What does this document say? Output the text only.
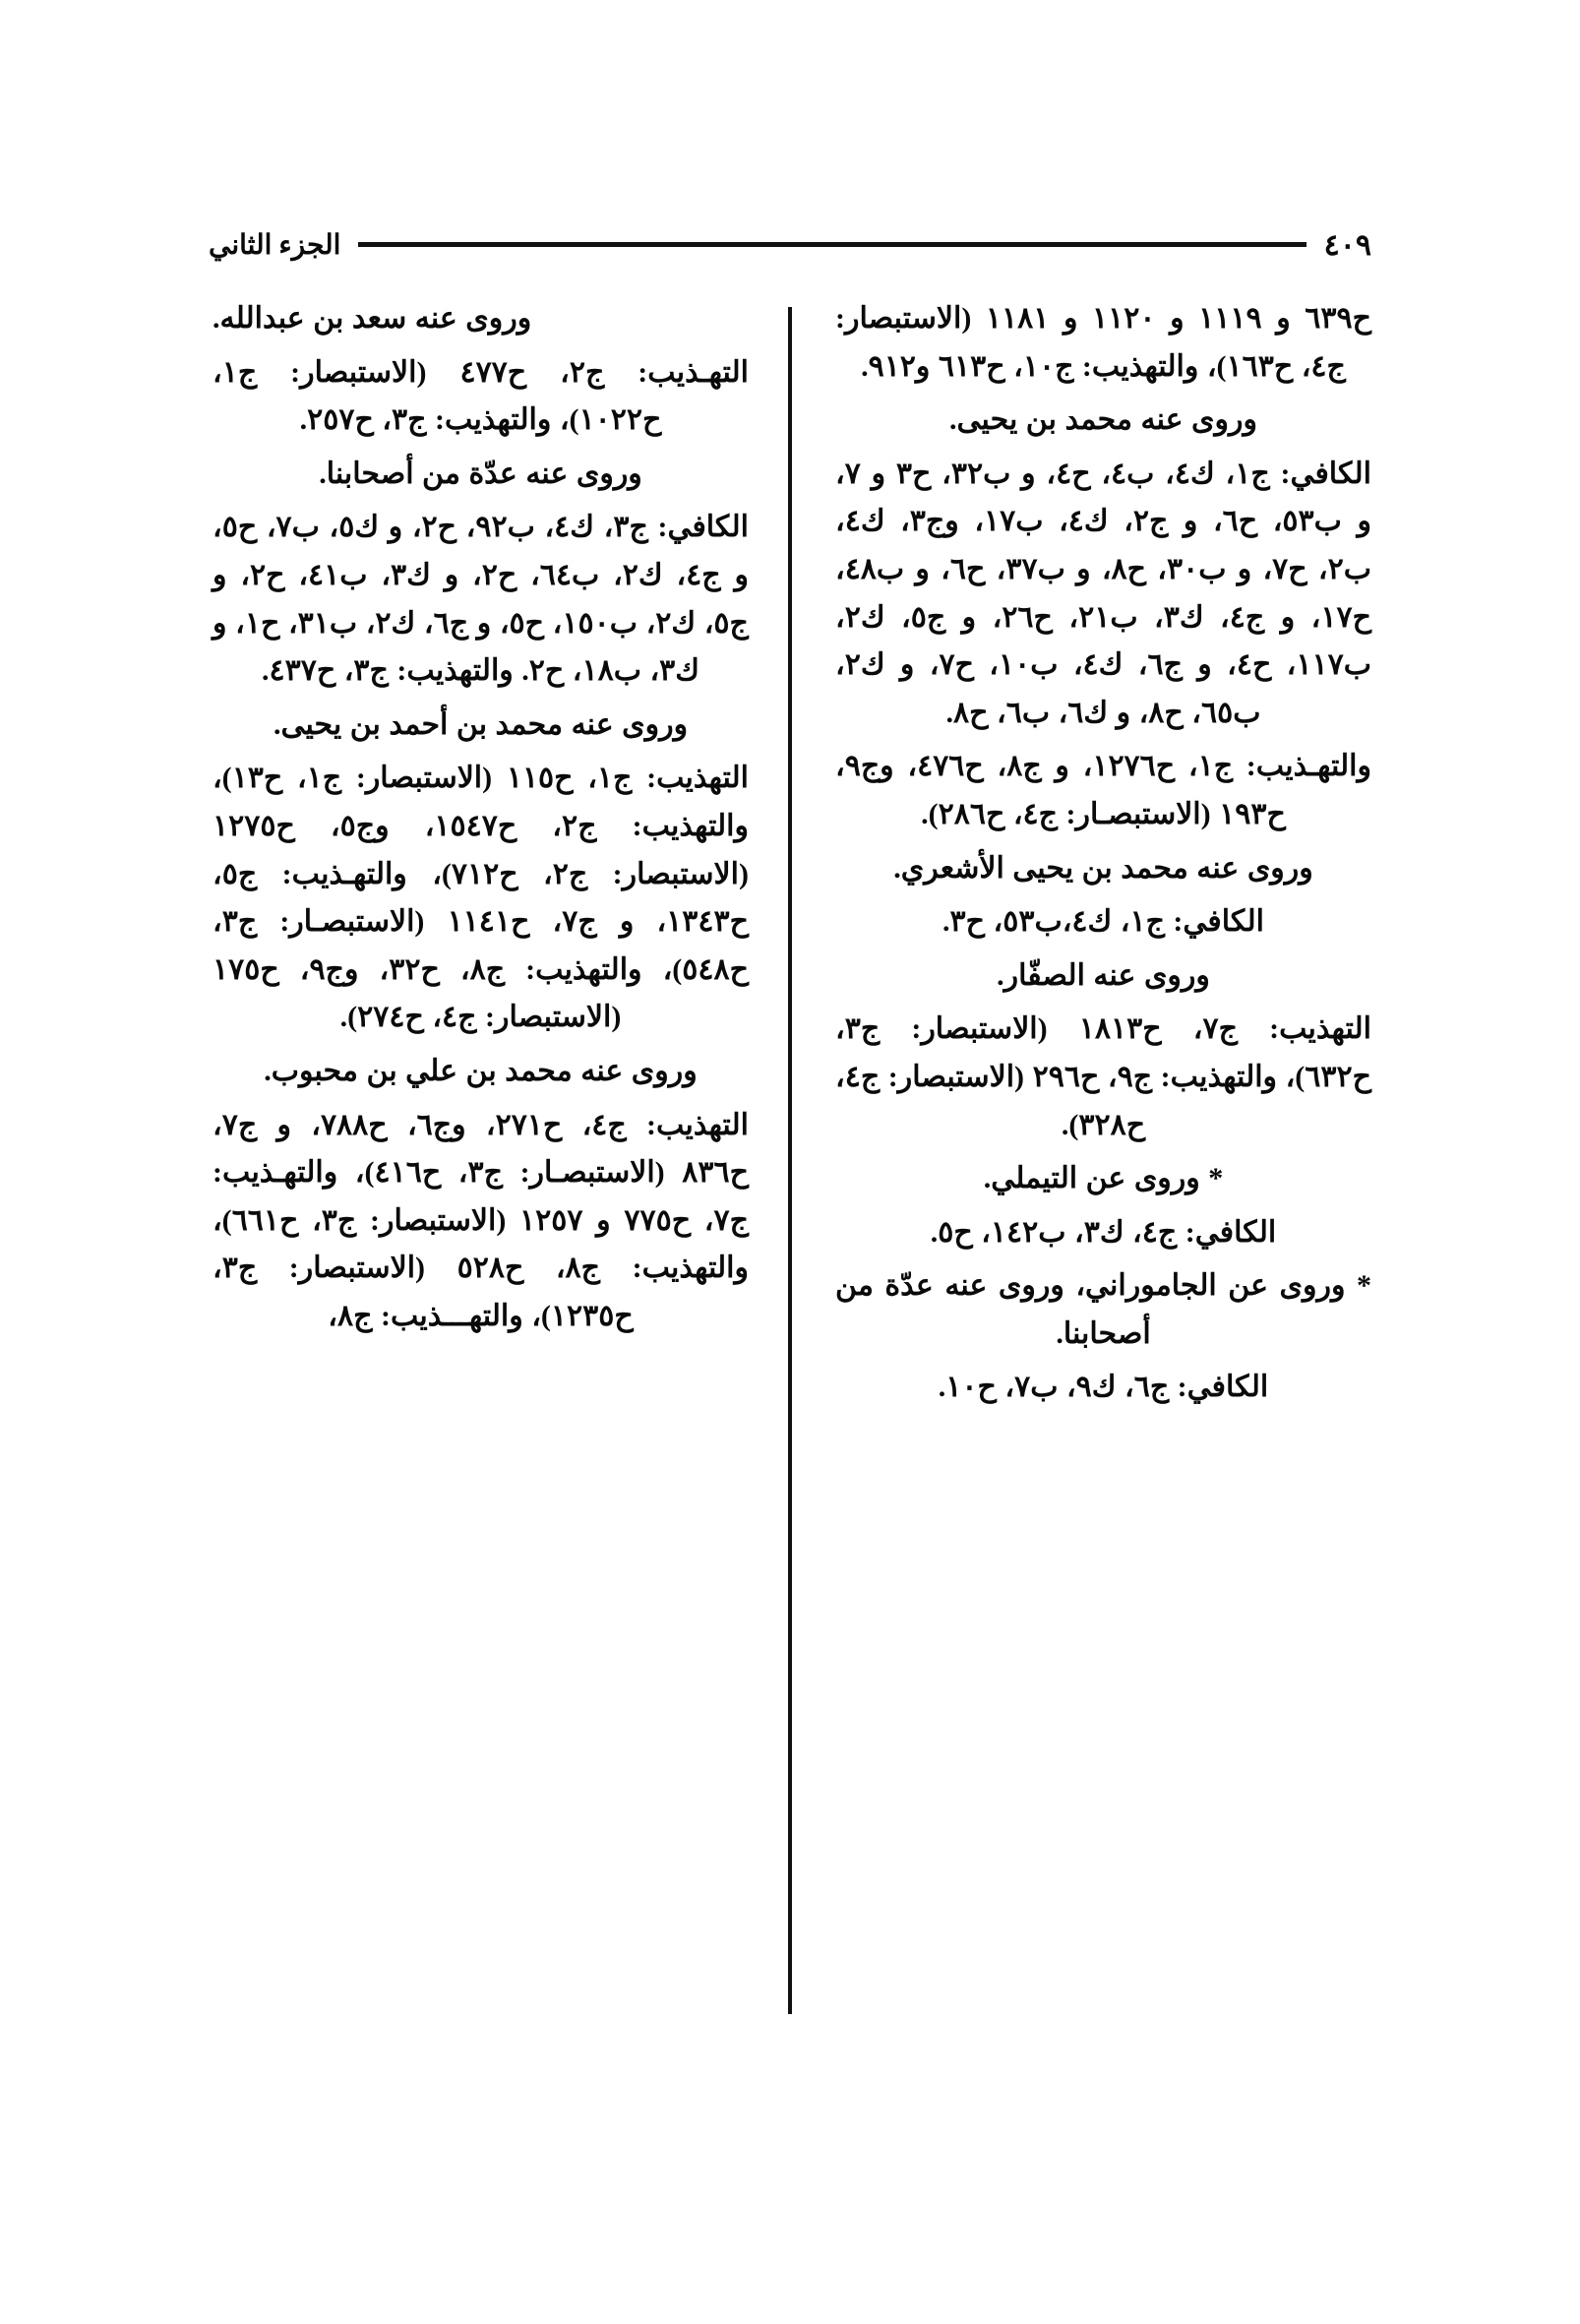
الجزء الثاني	٤٠٩

وروى عنه سعد بن عبدالله.

التهـذيب: ج٢، ح٤٧٧ (الاستبصار: ج١، ح١٠٢٢)، والتهذيب: ج٣، ح٢٥٧.

وروى عنه عدّة من أصحابنا.

الكافي: ج٣، ك٤، ب٩٢، ح٢، و ك٥، ب٧، ح٥، و ج٤، ك٢، ب٦٤، ح٢، و ك٣، ب٤١، ح٢، و ج٥، ك٢، ب١٥٠، ح٥، و ج٦، ك٢، ب٣١، ح١، و ك٣، ب١٨، ح٢. والتهذيب: ج٣، ح٤٣٧.

وروى عنه محمد بن أحمد بن يحيى.

التهذيب: ج١، ح١١٥ (الاستبصار: ج١، ح١٣)، والتهذيب: ج٢، ح١٥٤٧، وج٥، ح١٢٧٥ (الاستبصار: ج٢، ح٧١٢)، والتهـذيب: ج٥، ح١٣٤٣، و ج٧، ح١١٤١ (الاستبصـار: ج٣، ح٥٤٨)، والتهذيب: ج٨، ح٣٢، وج٩، ح١٧٥ (الاستبصار: ج٤، ح٢٧٤).

وروى عنه محمد بن علي بن محبوب.

التهذيب: ج٤، ح٢٧١، وج٦، ح٧٨٨، و ج٧، ح٨٣٦ (الاستبصـار: ج٣، ح٤١٦)، والتهـذيب: ج٧، ح٧٧٥ و ١٢٥٧ (الاستبصار: ج٣، ح٦٦١)، والتهذيب: ج٨، ح٥٢٨ (الاستبصار: ج٣، ح١٢٣٥)، والتهـــذيب: ج٨،

ح٦٣٩ و ١١١٩ و ١١٢٠ و ١١٨١ (الاستبصار: ج٤، ح١٦٣)، والتهذيب: ج١٠، ح٦١٣ و٩١٢.

وروى عنه محمد بن يحيى.

الكافي: ج١، ك٤، ب٤، ح٤، و ب٣٢، ح٣ و ٧، و ب٥٣، ح٦، و ج٢، ك٤، ب١٧، وج٣، ك٤، ب٢، ح٧، و ب٣٠، ح٨، و ب٣٧، ح٦، و ب٤٨، ح١٧، و ج٤، ك٣، ب٢١، ح٢٦، و ج٥، ك٢، ب١١٧، ح٤، و ج٦، ك٤، ب١٠، ح٧، و ك٢، ب٦٥، ح٨، و ك٦، ب٦، ح٨.

والتهـذيب: ج١، ح١٢٧٦، و ج٨، ح٤٧٦، وج٩، ح١٩٣ (الاستبصـار: ج٤، ح٢٨٦).

وروى عنه محمد بن يحيى الأشعري.

الكافي: ج١، ك٤،ب٥٣، ح٣.

وروى عنه الصفّار.

التهذيب: ج٧، ح١٨١٣ (الاستبصار: ج٣، ح٦٣٢)، والتهذيب: ج٩، ح٢٩٦ (الاستبصار: ج٤، ح٣٢٨).

* وروى عن التيملي.

الكافي: ج٤، ك٣، ب١٤٢، ح٥.

* وروى عن الجاموراني، وروى عنه عدّة من أصحابنا.

الكافي: ج٦، ك٩، ب٧، ح١٠.
